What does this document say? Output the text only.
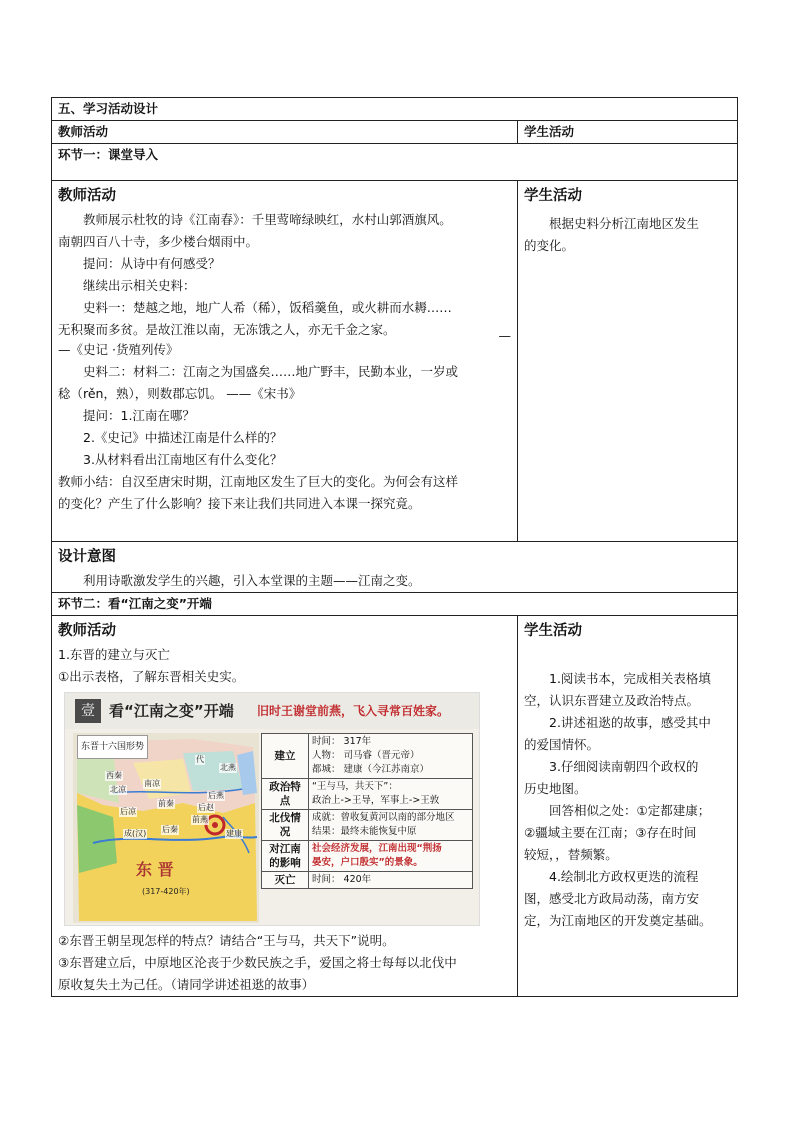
五、学习活动设计
教师活动	学生活动
环节一：课堂导入

教师活动

教师展示杜牧的诗《江南春》：千里莺啼绿映红，水村山郭酒旗风。

南朝四百八十寺，多少楼台烟雨中。

提问：从诗中有何感受？

继续出示相关史料：

史料一：楚越之地，地广人希（稀），饭稻羹鱼，或火耕而水耨……

无积聚而多贫。是故江淮以南，无冻饿之人，亦无千金之家。	—

—《史记 ·货殖列传》

史料二：材料二：江南之为国盛矣……地广野丰，民勤本业，一岁或

稔（rěn，熟），则数郡忘饥。 ——《宋书》

提问：1.江南在哪？

2.《史记》中描述江南是什么样的？

3.从材料看出江南地区有什么变化？

教师小结：自汉至唐宋时期，江南地区发生了巨大的变化。为何会有这样

的变化？产生了什么影响？接下来让我们共同进入本课一探究竟。

学生活动

根据史料分析江南地区发生

的变化。

设计意图

利用诗歌激发学生的兴趣，引入本堂课的主题——江南之变。

环节二：看“江南之变”开端

教师活动

1.东晋的建立与灭亡

①出示表格，了解东晋相关史实。

壹 看“江南之变”开端 旧时王谢堂前燕，飞入寻常百姓家。
东晋十六国形势
代
北燕
西秦
北凉
南凉
后燕
后赵
前燕
前秦
后凉
后秦
成(汉)	建康
东 晋
(317-420年)
建立	
时间： 317年
人物： 司马睿（晋元帝）
都城： 建康（今江苏南京）

政治特点	
“王与马，共天下”：
政治上->王导，军事上->王敦

北伐情况	
成就：曾收复黄河以南的部分地区
结果：最终未能恢复中原

对江南的影响	
社会经济发展，江南出现“荆扬
晏安，户口殷实”的景象。

灭亡	时间： 420年

②东晋王朝呈现怎样的特点？请结合“王与马，共天下”说明。

③东晋建立后，中原地区沦丧于少数民族之手，爱国之将士每每以北伐中

原收复失土为己任。（请同学讲述祖逖的故事）

学生活动

1.阅读书本，完成相关表格填

空，认识东晋建立及政治特点。

2.讲述祖逖的故事，感受其中

的爱国情怀。

3.仔细阅读南朝四个政权的

历史地图。

回答相似之处：①定都建康；

②疆域主要在江南；③存在时间

较短，，替频繁。

4.绘制北方政权更迭的流程

图，感受北方政局动荡，南方安

定，为江南地区的开发奠定基础。
